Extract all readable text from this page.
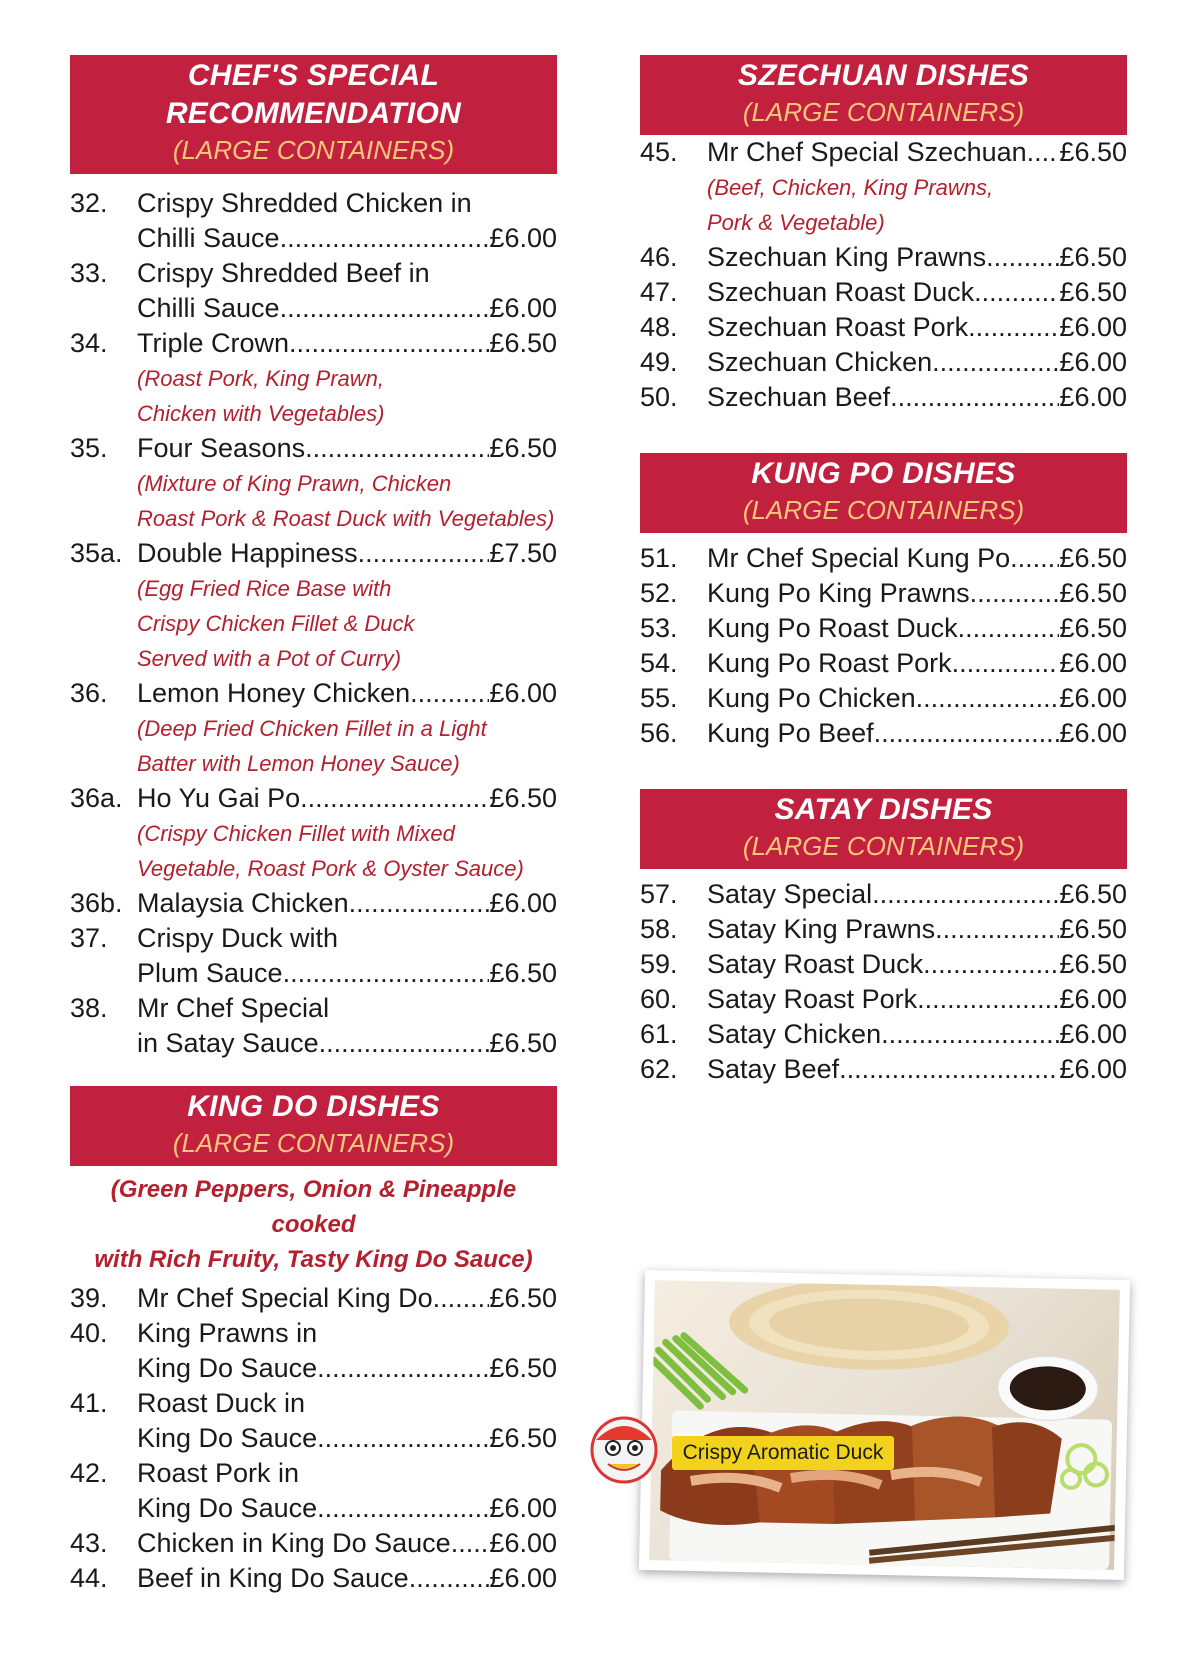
CHEF'S SPECIAL
RECOMMENDATION
(LARGE CONTAINERS)
32.	Crispy Shredded Chicken in
Chilli Sauce .....	£6.00
33.	Crispy Shredded Beef in
Chilli Sauce .....	£6.00
34.	Triple Crown .....	£6.50
(Roast Pork, King Prawn,
Chicken with Vegetables)
35.	Four Seasons .....	£6.50
(Mixture of King Prawn, Chicken
Roast Pork & Roast Duck with Vegetables)
35a. Double Happiness .....	£7.50
(Egg Fried Rice Base with
Crispy Chicken Fillet & Duck
Served with a Pot of Curry)
36.	Lemon Honey Chicken .....	£6.00
(Deep Fried Chicken Fillet in a Light
Batter with Lemon Honey Sauce)
36a. Ho Yu Gai Po .....	£6.50
(Crispy Chicken Fillet with Mixed
Vegetable, Roast Pork & Oyster Sauce)
36b. Malaysia Chicken .....	£6.00
37.	Crispy Duck with
Plum Sauce .....	£6.50
38.	Mr Chef Special
in Satay Sauce .....	£6.50
KING DO DISHES
(LARGE CONTAINERS)
(Green Peppers, Onion & Pineapple cooked
with Rich Fruity, Tasty King Do Sauce)
39.	Mr Chef Special King Do ..... £6.50
40.	King Prawns in
King Do Sauce .....	£6.50
41.	Roast Duck in
King Do Sauce .....	£6.50
42.	Roast Pork in
King Do Sauce .....	£6.00
43.	Chicken in King Do Sauce ..... £6.00
44.	Beef in King Do Sauce .....	£6.00
SZECHUAN DISHES
(LARGE CONTAINERS)
45.	Mr Chef Special Szechuan ..... £6.50
(Beef, Chicken, King Prawns,
Pork & Vegetable)
46.	Szechuan King Prawns .....	£6.50
47.	Szechuan Roast Duck .....	£6.50
48.	Szechuan Roast Pork .....	£6.00
49.	Szechuan Chicken .....	£6.00
50.	Szechuan Beef .....	£6.00
KUNG PO DISHES
(LARGE CONTAINERS)
51.	Mr Chef Special Kung Po ..... £6.50
52.	Kung Po King Prawns .....	£6.50
53.	Kung Po Roast Duck .....	£6.50
54.	Kung Po Roast Pork .....	£6.00
55.	Kung Po Chicken .....	£6.00
56.	Kung Po Beef .....	£6.00
SATAY DISHES
(LARGE CONTAINERS)
57.	Satay Special .....	£6.50
58.	Satay King Prawns .....	£6.50
59.	Satay Roast Duck .....	£6.50
60.	Satay Roast Pork .....	£6.00
61.	Satay Chicken .....	£6.00
62.	Satay Beef .....	£6.00
Crispy Aromatic Duck
